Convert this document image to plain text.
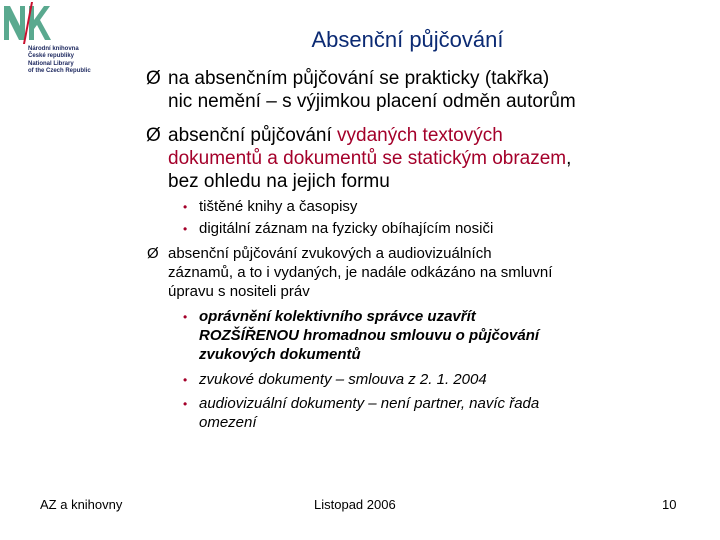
Národní knihovna
České republiky
National Library
of the Czech Republic
Absenční půjčování
Ø na absenčním půjčování se prakticky (takřka)
nic nemění – s výjimkou placení odměn autorům
Ø absenční půjčování vydaných textových
dokumentů a dokumentů se statickým obrazem,
bez ohledu na jejich formu
• tištěné knihy a časopisy
• digitální záznam na fyzicky obíhajícím nosiči
Ø absenční půjčování zvukových a audiovizuálních
záznamů, a to i vydaných, je nadále odkázáno na smluvní
úpravu s nositeli práv
• oprávnění kolektivního správce uzavřít
ROZŠÍŘENOU hromadnou smlouvu o půjčování
zvukových dokumentů
• zvukové dokumenty – smlouva z 2. 1. 2004
• audiovizuální dokumenty – není partner, navíc řada
omezení
AZ a knihovny	Listopad 2006	10
